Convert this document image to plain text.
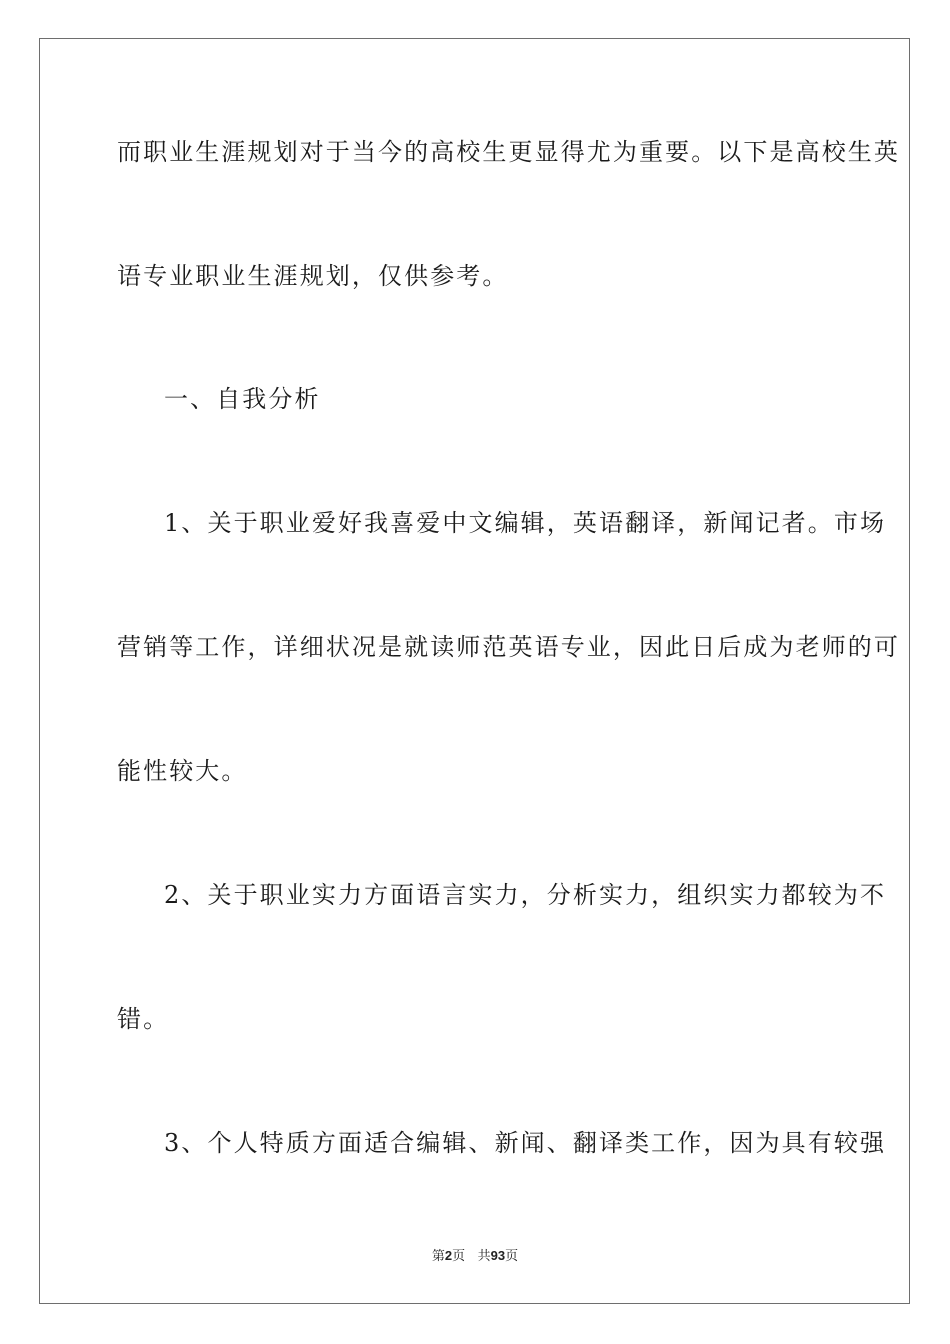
而职业生涯规划对于当今的高校生更显得尤为重要。以下是高校生英
语专业职业生涯规划，仅供参考。
一、自我分析
1、关于职业爱好我喜爱中文编辑，英语翻译，新闻记者。市场
营销等工作，详细状况是就读师范英语专业，因此日后成为老师的可
能性较大。
2、关于职业实力方面语言实力，分析实力，组织实力都较为不
错。
3、个人特质方面适合编辑、新闻、翻译类工作，因为具有较强
第2页 共93页
